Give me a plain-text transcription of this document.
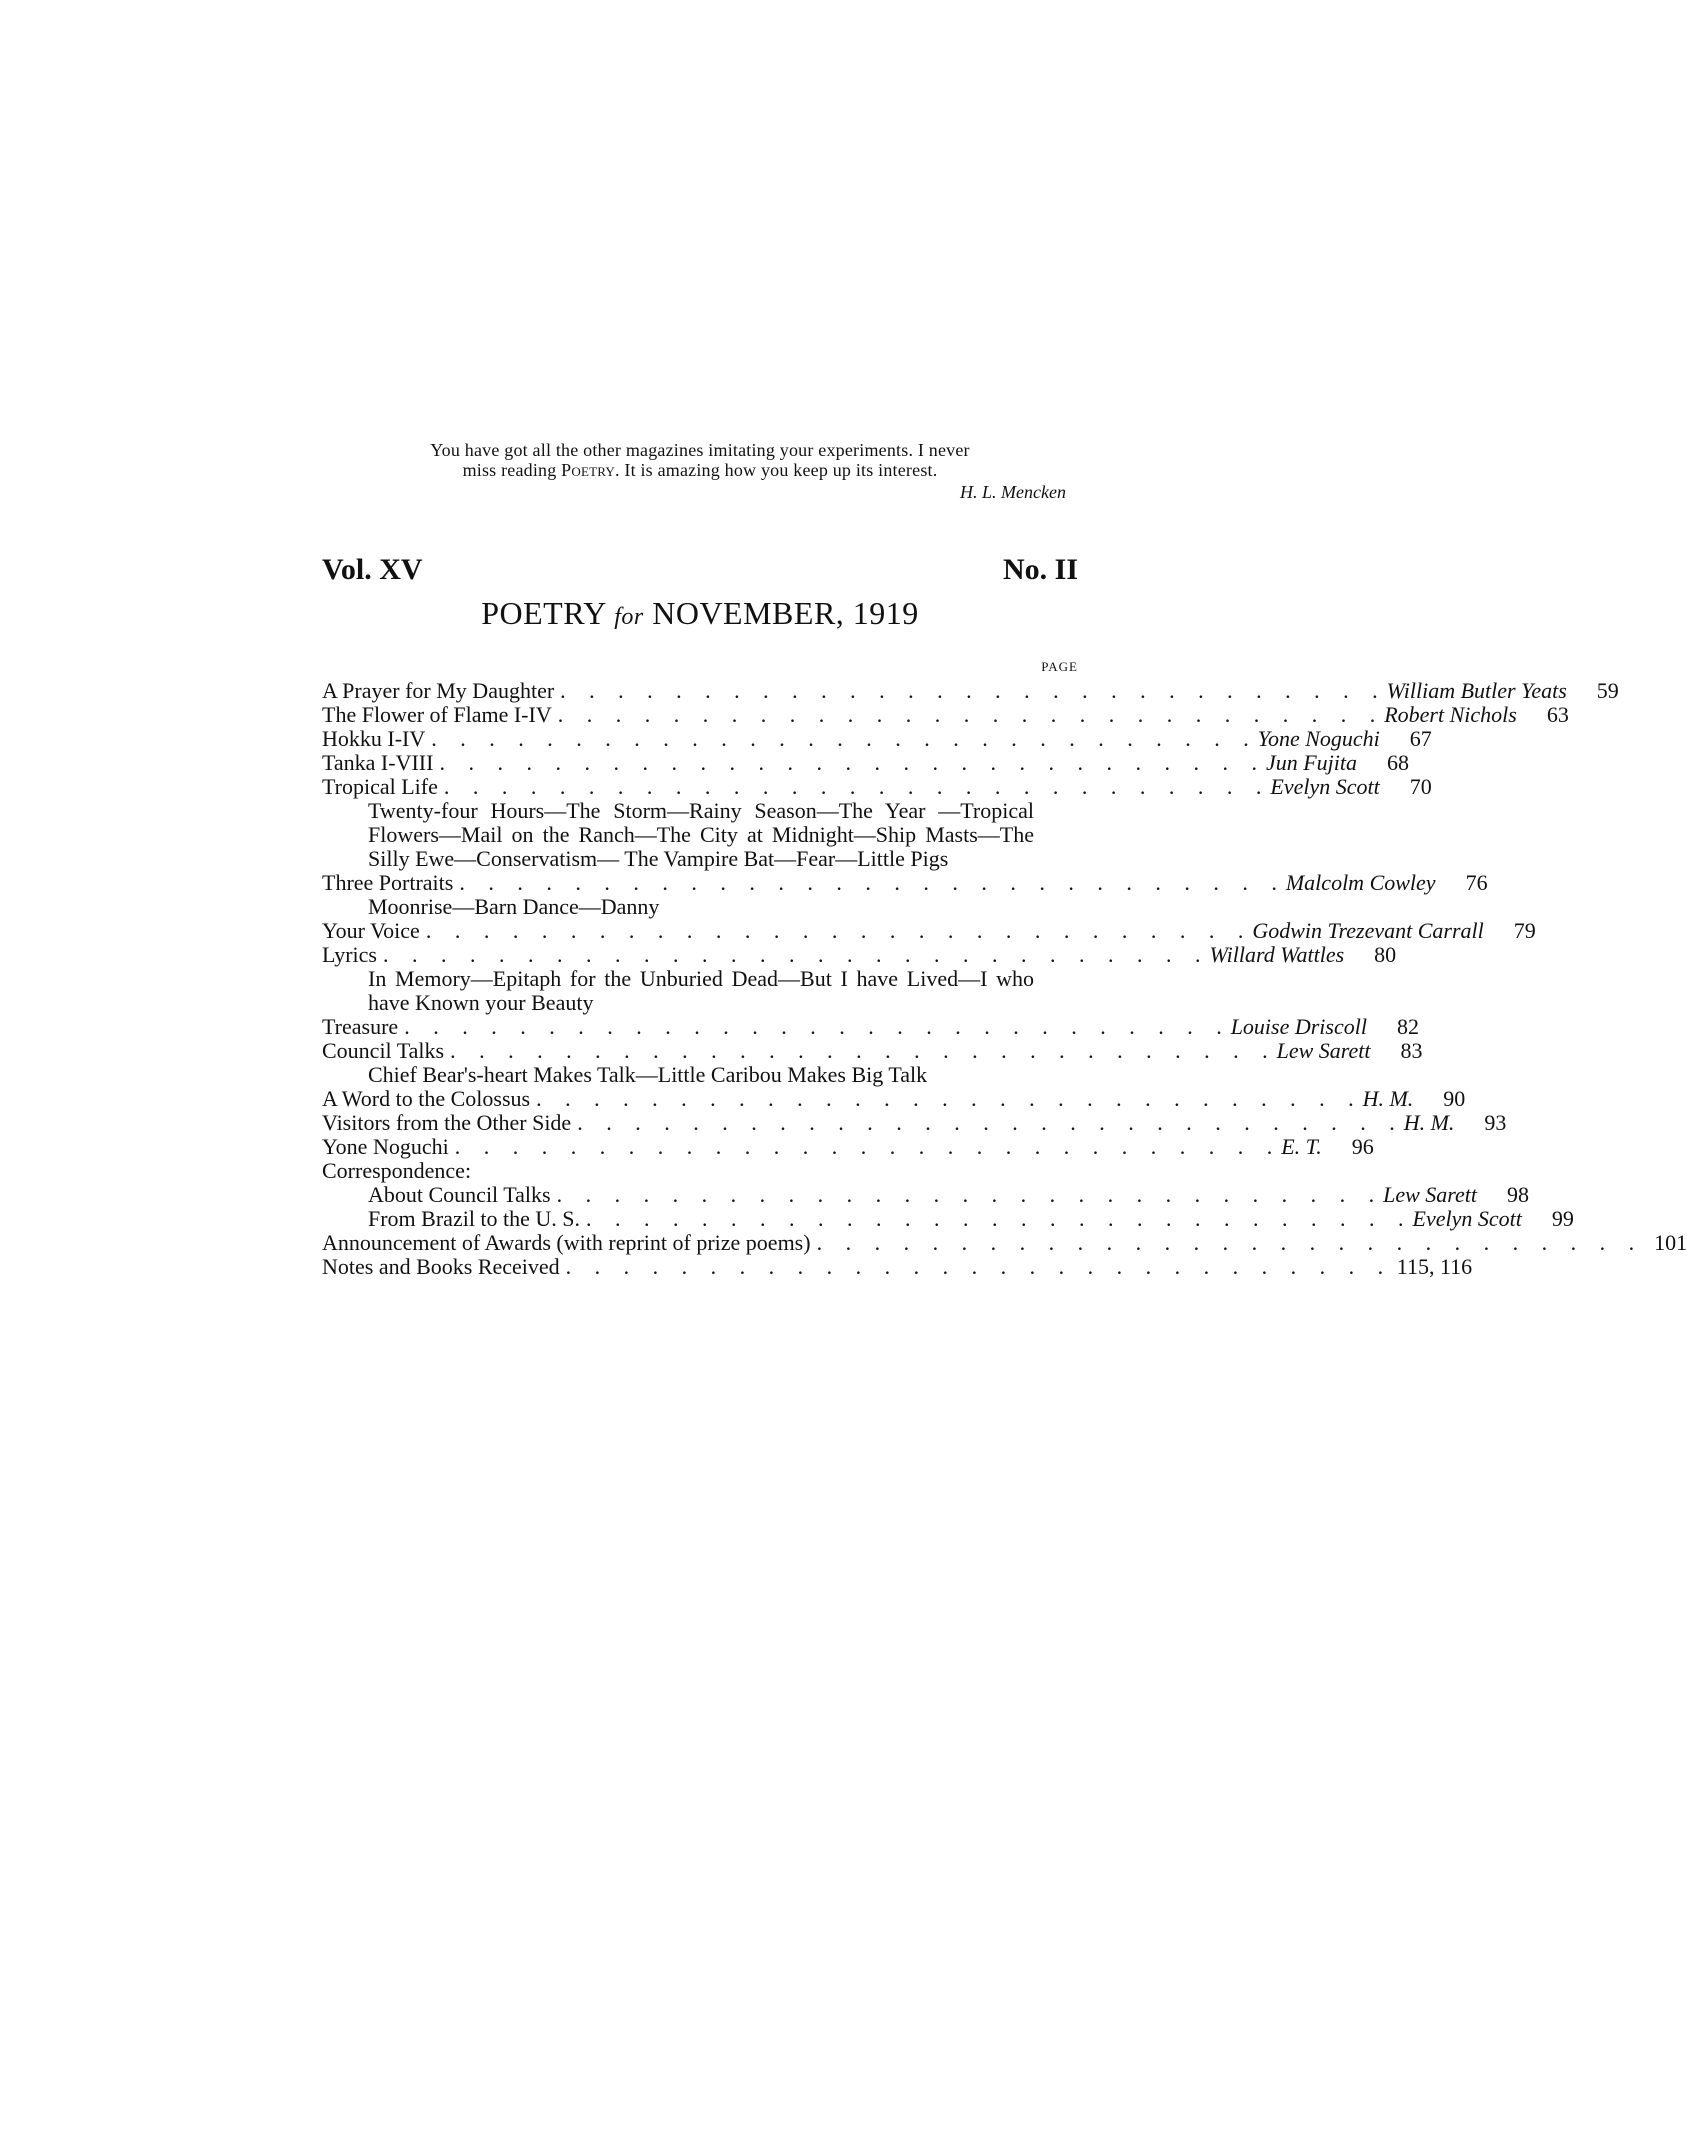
You have got all the other magazines imitating your experiments. I never
miss reading Poetry. It is amazing how you keep up its interest.
H. L. Mencken
Vol. XV	No. II
POETRY for NOVEMBER, 1919
PAGE
A Prayer for My Daughter . . . . . . . . . . . . . . . . . . . . . . . . . . . . . William Butler Yeats	59
The Flower of Flame I-IV . . . . . . . . . . . . . . . . . . . . . . . . . . . . . Robert Nichols	63
Hokku I-IV . . . . . . . . . . . . . . . . . . . . . . . . . . . . . Yone Noguchi	67
Tanka I-VIII . . . . . . . . . . . . . . . . . . . . . . . . . . . . . Jun Fujita	68
Tropical Life . . . . . . . . . . . . . . . . . . . . . . . . . . . . . Evelyn Scott	70
Twenty-four Hours—The Storm—Rainy Season—The Year —Tropical Flowers—Mail on the Ranch—The City at Midnight—Ship Masts—The Silly Ewe—Conservatism— The Vampire Bat—Fear—Little Pigs
Three Portraits . . . . . . . . . . . . . . . . . . . . . . . . . . . . . Malcolm Cowley	76
Moonrise—Barn Dance—Danny
Your Voice . . . . . . . . . . . . . . . . . . . . . . . . . . . . . Godwin Trezevant Carrall	79
Lyrics . . . . . . . . . . . . . . . . . . . . . . . . . . . . . Willard Wattles	80
In Memory—Epitaph for the Unburied Dead—But I have Lived—I who have Known your Beauty
Treasure . . . . . . . . . . . . . . . . . . . . . . . . . . . . . Louise Driscoll	82
Council Talks . . . . . . . . . . . . . . . . . . . . . . . . . . . . . Lew Sarett	83
Chief Bear's-heart Makes Talk—Little Caribou Makes Big Talk
A Word to the Colossus . . . . . . . . . . . . . . . . . . . . . . . . . . . . . H. M.	90
Visitors from the Other Side . . . . . . . . . . . . . . . . . . . . . . . . . . . . . H. M.	93
Yone Noguchi . . . . . . . . . . . . . . . . . . . . . . . . . . . . . E. T.	96
Correspondence:
About Council Talks . . . . . . . . . . . . . . . . . . . . . . . . . . . . . Lew Sarett	98
From Brazil to the U. S. . . . . . . . . . . . . . . . . . . . . . . . . . . . . . Evelyn Scott	99
Announcement of Awards (with reprint of prize poems) . . . . . . . . . . . . . . . . . . . . . . . . . . . . . 101
Notes and Books Received . . . . . . . . . . . . . . . . . . . . . . . . . . . . . 115, 116
